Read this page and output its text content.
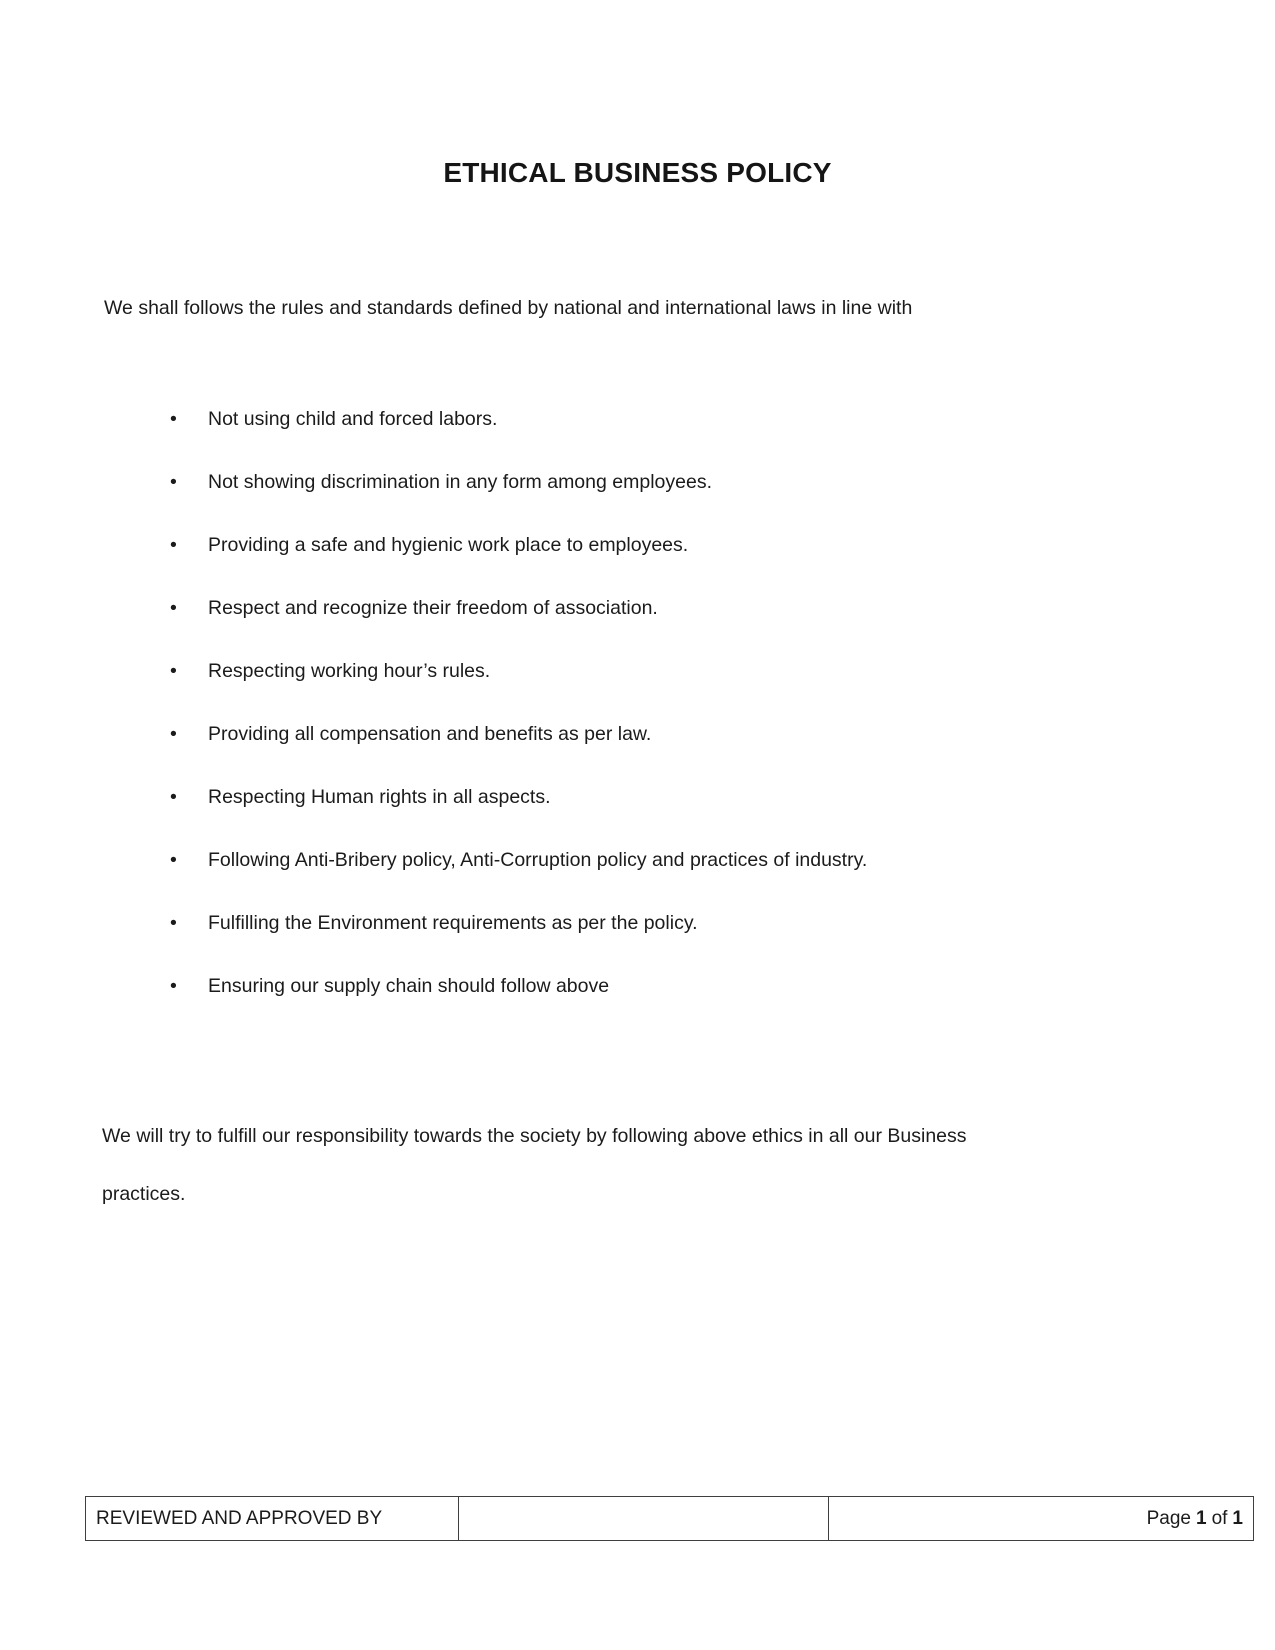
ETHICAL BUSINESS POLICY

We shall follows the rules and standards defined by national and international laws in line with

• Not using child and forced labors.
• Not showing discrimination in any form among employees.
• Providing a safe and hygienic work place to employees.
• Respect and recognize their freedom of association.
• Respecting working hour’s rules.
• Providing all compensation and benefits as per law.
• Respecting Human rights in all aspects.
• Following Anti-Bribery policy, Anti-Corruption policy and practices of industry.
• Fulfilling the Environment requirements as per the policy.
• Ensuring our supply chain should follow above

We will try to fulfill our responsibility towards the society by following above ethics in all our Business
practices.

REVIEWED AND APPROVED BY		Page 1 of 1
